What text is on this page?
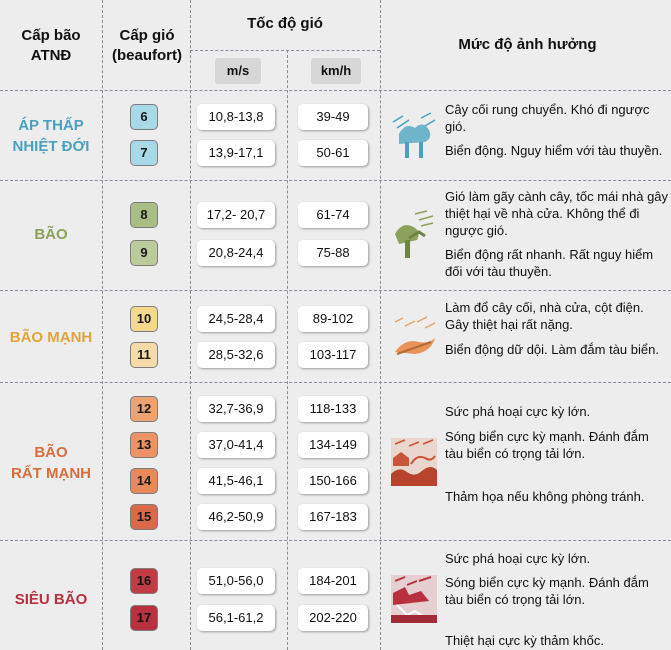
Cấp bão
ATNĐ
Cấp gió
(beaufort)
Tốc độ gió
m/s	km/h
Mức độ ảnh hưởng
ÁP THẤP
NHIỆT ĐỚI
6
7
10,8-13,8
13,9-17,1
39-49
50-61
Cây cối rung chuyển. Khó đi ngược gió.
Biển động. Nguy hiểm với tàu thuyền.
BÃO
8
9
17,2- 20,7
20,8-24,4
61-74
75-88
Gió làm gãy cành cây, tốc mái nhà gây thiệt hại về nhà cửa. Không thể đi ngược gió.
Biển động rất nhanh. Rất nguy hiểm đối với tàu thuyền.
BÃO MẠNH
10
11
24,5-28,4
28,5-32,6
89-102
103-117
Làm đổ cây cối, nhà cửa, cột điện. Gây thiệt hại rất nặng.
Biển động dữ dội. Làm đắm tàu biển.
BÃO
RẤT MẠNH
12
13
14
15
32,7-36,9
37,0-41,4
41,5-46,1
46,2-50,9
118-133
134-149
150-166
167-183
Sức phá hoại cực kỳ lớn.
Sóng biển cực kỳ mạnh. Đánh đắm tàu biển có trọng tải lớn.
Thảm họa nếu không phòng tránh.
SIÊU BÃO
16
17
51,0-56,0
56,1-61,2
184-201
202-220
Sức phá hoại cực kỳ lớn.
Sóng biển cực kỳ mạnh. Đánh đắm tàu biển có trọng tải lớn.
Thiệt hại cực kỳ thảm khốc.
